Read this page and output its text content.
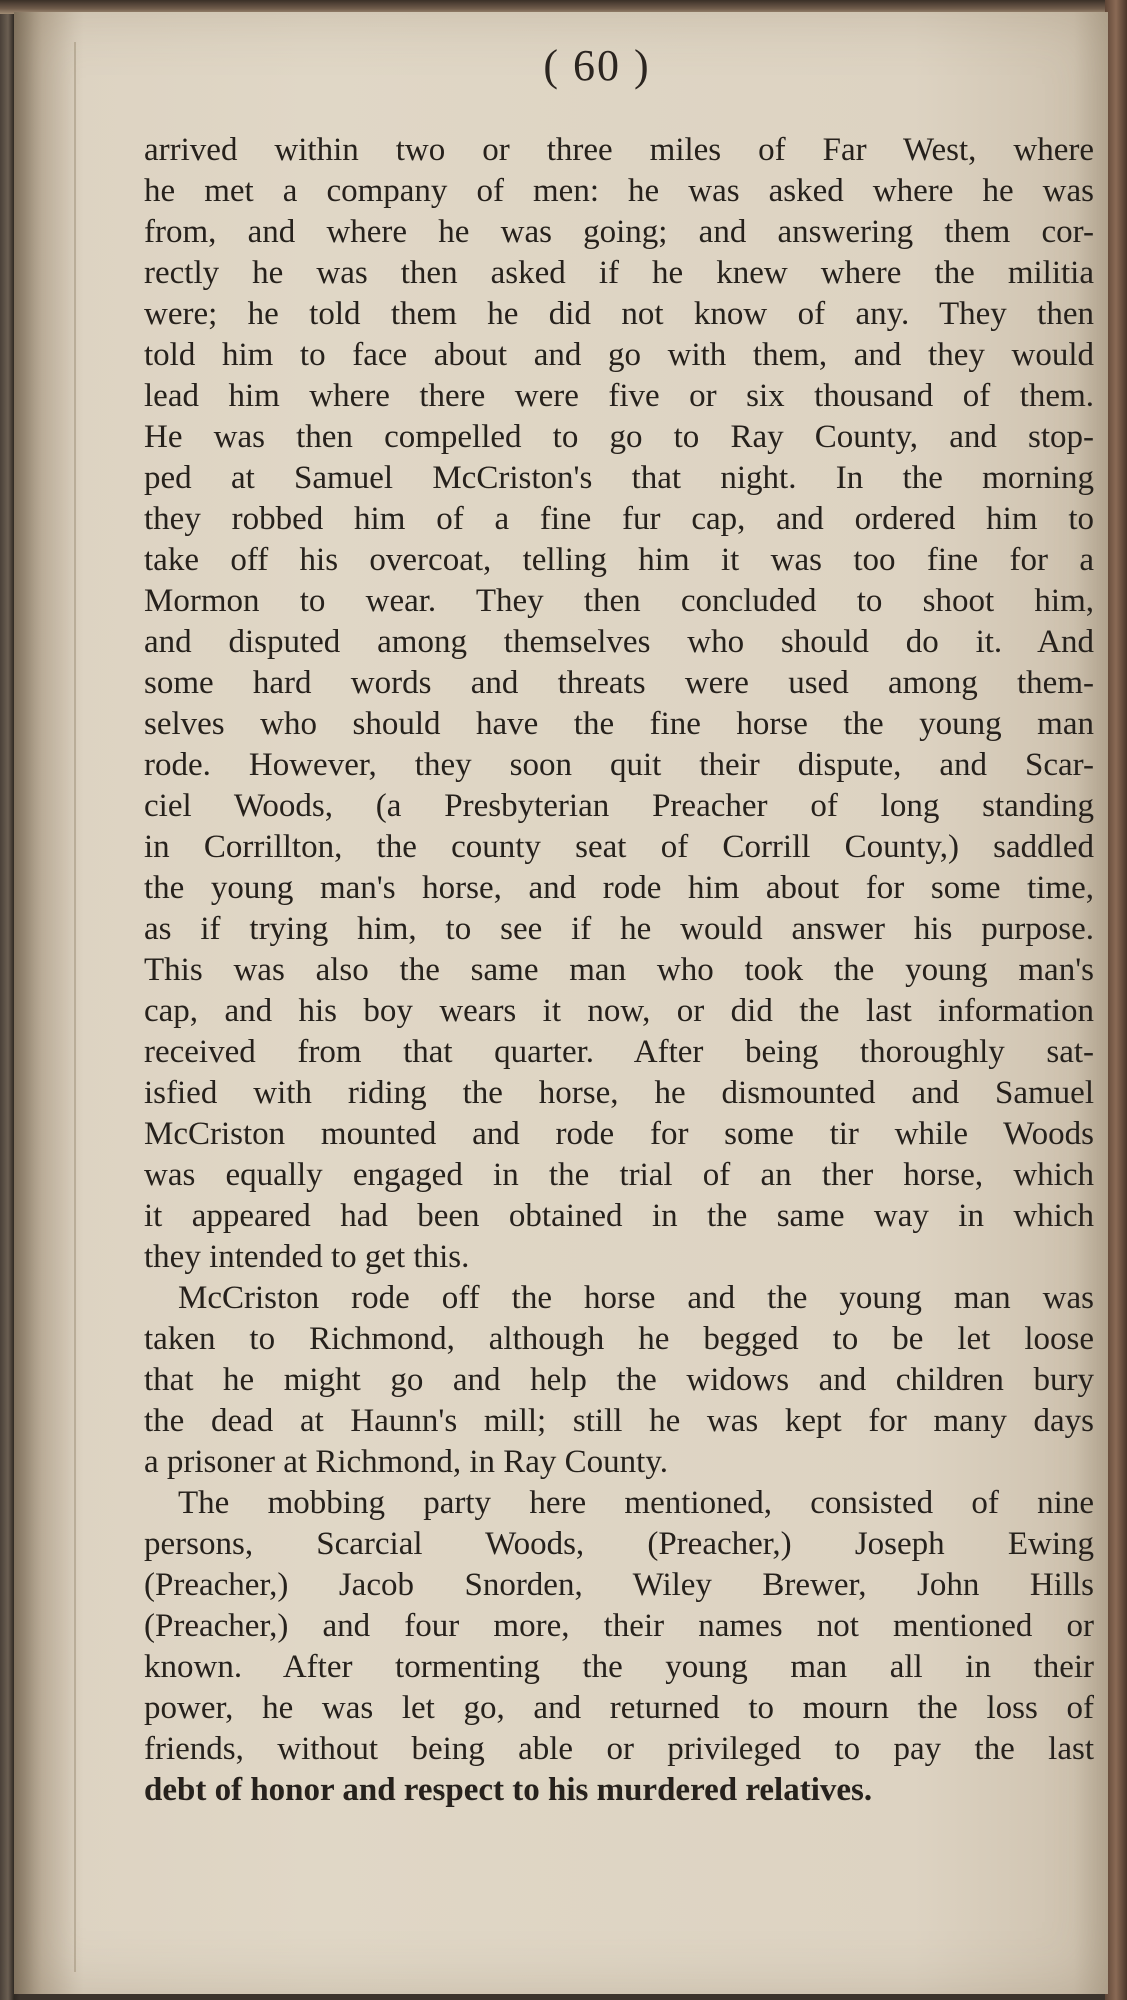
( 60 )
arrived within two or three miles of Far West, where
he met a company of men: he was asked where he was
from, and where he was going; and answering them cor-
rectly he was then asked if he knew where the militia
were; he told them he did not know of any. They then
told him to face about and go with them, and they would
lead him where there were five or six thousand of them.
He was then compelled to go to Ray County, and stop-
ped at Samuel McCriston's that night. In the morning
they robbed him of a fine fur cap, and ordered him to
take off his overcoat, telling him it was too fine for a
Mormon to wear. They then concluded to shoot him,
and disputed among themselves who should do it. And
some hard words and threats were used among them-
selves who should have the fine horse the young man
rode. However, they soon quit their dispute, and Scar-
ciel Woods, (a Presbyterian Preacher of long standing
in Corrillton, the county seat of Corrill County,) saddled
the young man's horse, and rode him about for some time,
as if trying him, to see if he would answer his purpose.
This was also the same man who took the young man's
cap, and his boy wears it now, or did the last information
received from that quarter. After being thoroughly sat-
isfied with riding the horse, he dismounted and Samuel
McCriston mounted and rode for some tir while Woods
was equally engaged in the trial of an ther horse, which
it appeared had been obtained in the same way in which
they intended to get this.
McCriston rode off the horse and the young man was
taken to Richmond, although he begged to be let loose
that he might go and help the widows and children bury
the dead at Haunn's mill; still he was kept for many days
a prisoner at Richmond, in Ray County.
The mobbing party here mentioned, consisted of nine
persons, Scarcial Woods, (Preacher,) Joseph Ewing
(Preacher,) Jacob Snorden, Wiley Brewer, John Hills
(Preacher,) and four more, their names not mentioned or
known. After tormenting the young man all in their
power, he was let go, and returned to mourn the loss of
friends, without being able or privileged to pay the last
debt of honor and respect to his murdered relatives.
